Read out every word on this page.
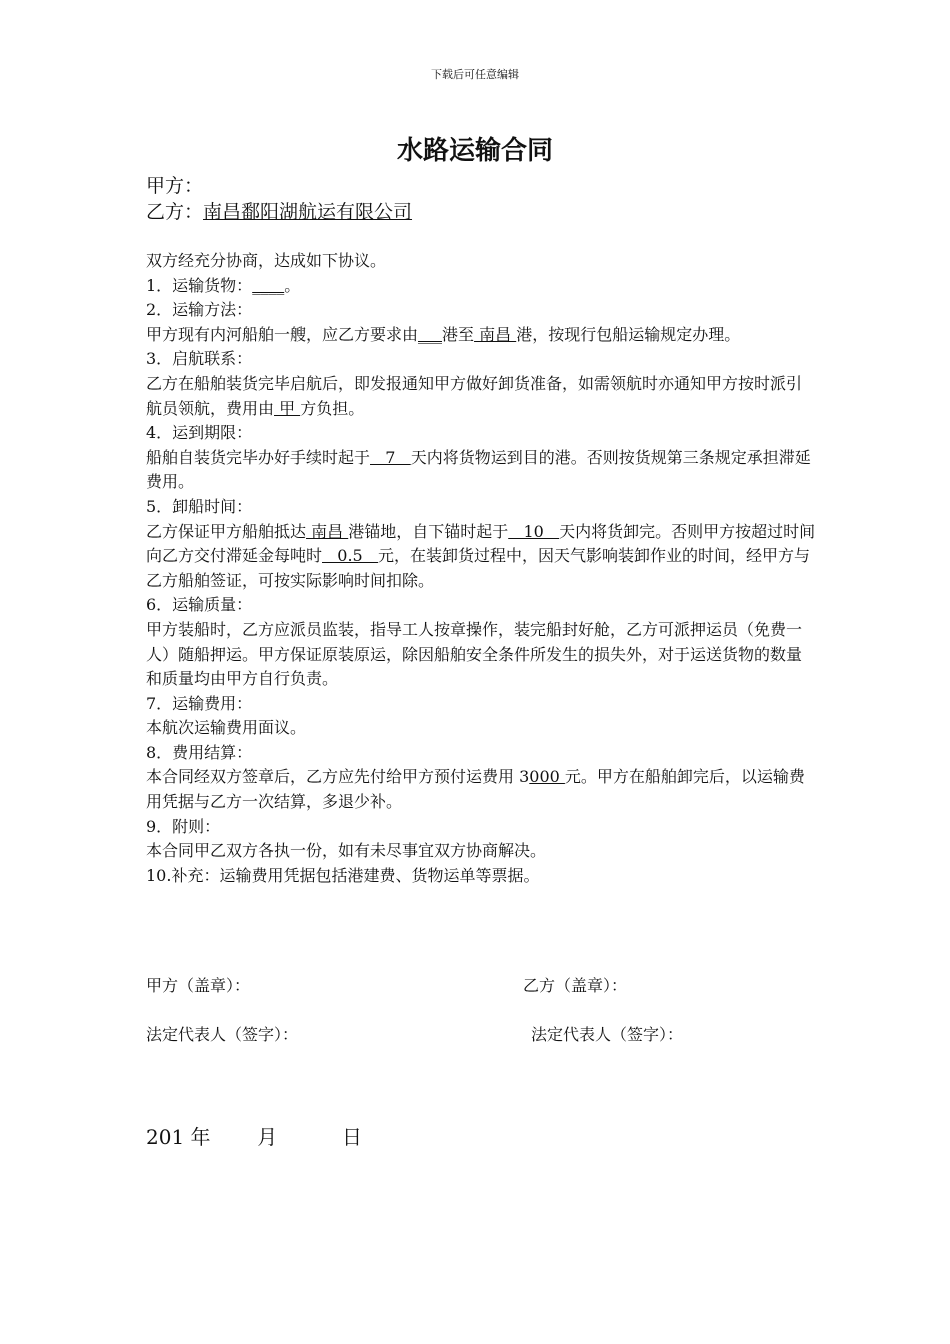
下载后可任意编辑
水路运输合同
甲方：
乙方：南昌鄱阳湖航运有限公司

双方经充分协商，达成如下协议。

1．运输货物：____。

2．运输方法：

甲方现有内河船舶一艘，应乙方要求由___港至 南昌 港，按现行包船运输规定办理。

3．启航联系：

乙方在船舶装货完毕启航后，即发报通知甲方做好卸货准备，如需领航时亦通知甲方按时派引航员领航，费用由 甲 方负担。

4．运到期限：

船舶自装货完毕办好手续时起于   7   天内将货物运到目的港。否则按货规第三条规定承担滞延费用。

5．卸船时间：

乙方保证甲方船舶抵达 南昌 港锚地，自下锚时起于   10   天内将货卸完。否则甲方按超过时间向乙方交付滞延金每吨时   0.5   元，在装卸货过程中，因天气影响装卸作业的时间，经甲方与乙方船舶签证，可按实际影响时间扣除。

6．运输质量：

甲方装船时，乙方应派员监装，指导工人按章操作，装完船封好舱，乙方可派押运员（免费一人）随船押运。甲方保证原装原运，除因船舶安全条件所发生的损失外，对于运送货物的数量和质量均由甲方自行负责。

7．运输费用：

本航次运输费用面议。

8．费用结算：

本合同经双方签章后，乙方应先付给甲方预付运费用 3000 元。甲方在船舶卸完后，以运输费用凭据与乙方一次结算，多退少补。

9．附则：

本合同甲乙双方各执一份，如有未尽事宜双方协商解决。

10.补充：运输费用凭据包括港建费、货物运单等票据。

甲方（盖章）：	乙方（盖章）：
法定代表人（签字）：	法定代表人（签字）：
201 年 月	日
